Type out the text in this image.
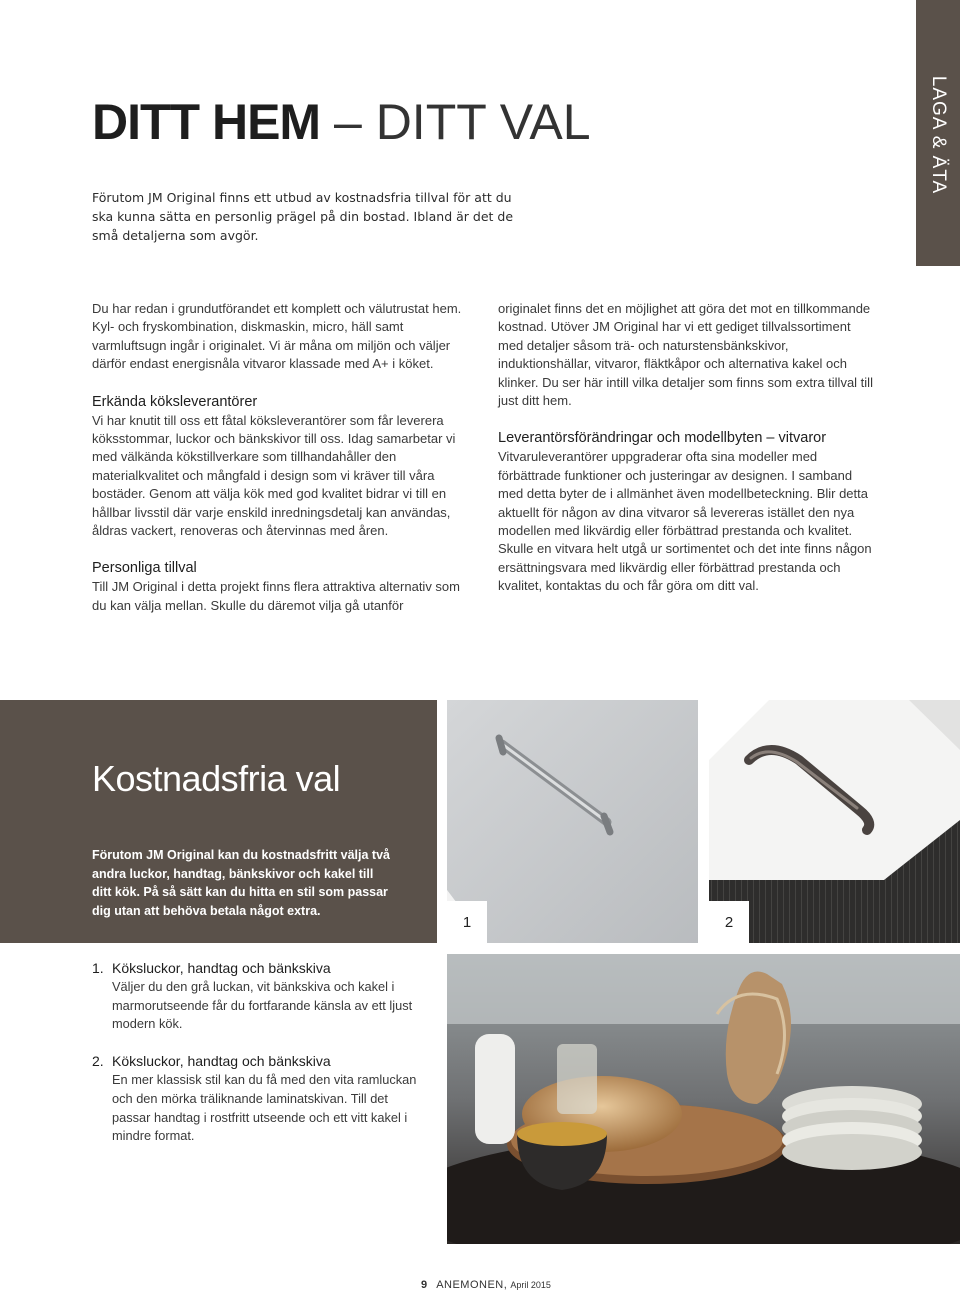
LAGA & ÄTA
DITT HEM – DITT VAL

Förutom JM Original finns ett utbud av kostnadsfria tillval för att du ska kunna sätta en personlig prägel på din bostad. Ibland är det de små detaljerna som avgör.

Du har redan i grundutförandet ett komplett och välutrustat hem. Kyl- och fryskombination, diskmaskin, micro, häll samt varmluftsugn ingår i originalet. Vi är måna om miljön och väljer därför endast energisnåla vitvaror klassade med A+ i köket.

Erkända köksleverantörer

Vi har knutit till oss ett fåtal köksleverantörer som får leverera köksstommar, luckor och bänkskivor till oss. Idag samarbetar vi med välkända kökstillverkare som tillhandahåller den materialkvalitet och mångfald i design som vi kräver till våra bostäder. Genom att välja kök med god kvalitet bidrar vi till en hållbar livsstil där varje enskild inredningsdetalj kan användas, åldras vackert, renoveras och återvinnas med åren.

Personliga tillval

Till JM Original i detta projekt finns flera attraktiva alternativ som du kan välja mellan. Skulle du däremot vilja gå utanför

originalet finns det en möjlighet att göra det mot en tillkommande kostnad. Utöver JM Original har vi ett gediget tillvalssortiment med detaljer såsom trä- och naturstensbänkskivor, induktionshällar, vitvaror, fläktkåpor och alternativa kakel och klinker. Du ser här intill vilka detaljer som finns som extra tillval till just ditt hem.

Leverantörsförändringar och modellbyten – vitvaror

Vitvaruleverantörer uppgraderar ofta sina modeller med förbättrade funktioner och justeringar av designen. I samband med detta byter de i allmänhet även modellbeteckning. Blir detta aktuellt för någon av dina vitvaror så levereras istället den nya modellen med likvärdig eller förbättrad prestanda och kvalitet. Skulle en vitvara helt utgå ur sortimentet och det inte finns någon ersättningsvara med likvärdig eller förbättrad prestanda och kvalitet, kontaktas du och får göra om ditt val.

Kostnadsfria val

Förutom JM Original kan du kostnadsfritt välja två andra luckor, handtag, bänkskivor och kakel till ditt kök. På så sätt kan du hitta en stil som passar dig utan att behöva betala något extra.

1	2

1. Köksluckor, handtag och bänkskiva

Väljer du den grå luckan, vit bänkskiva och kakel i marmorutseende får du fortfarande känsla av ett ljust modern kök.

2. Köksluckor, handtag och bänkskiva

En mer klassisk stil kan du få med den vita ramluckan och den mörka träliknande laminatskivan. Till det passar handtag i rostfritt utseende och ett vitt kakel i mindre format.

9 ANEMONEN, April 2015
